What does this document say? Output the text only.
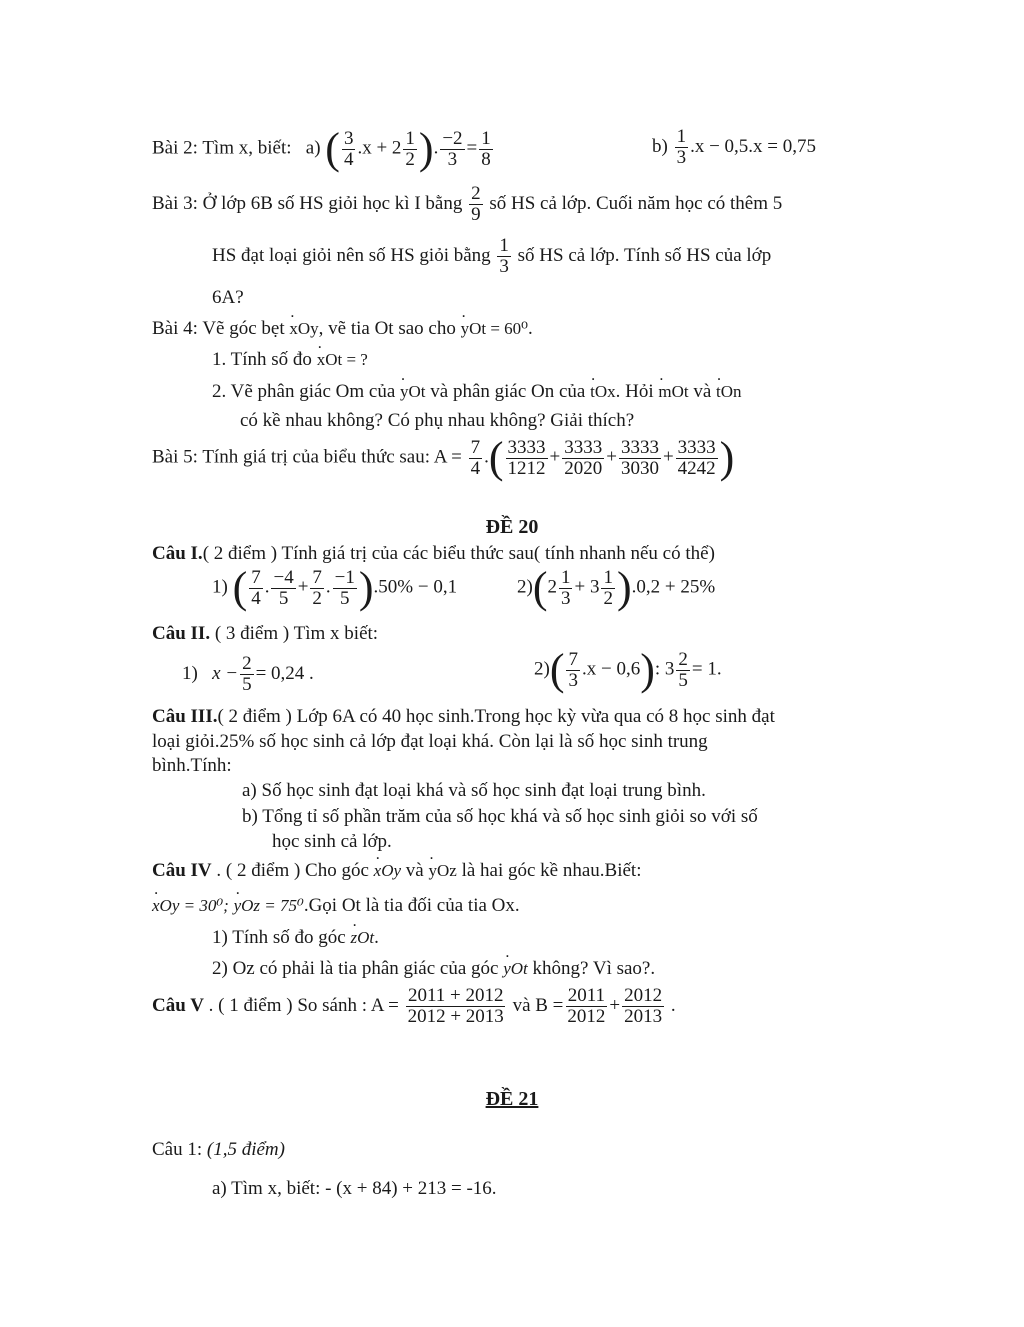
Bài 2: Tìm x, biết: a) ( $\frac{3}{4} .x + 2 \frac{1}{2}$ ). $\frac{-2}{3} = \frac{1}{8}$	$b) \frac{1}{3} .x - 0,5.x = 0,75$
Bài 3: Ở lớp 6B số HS giỏi học kì I bằng $\frac{2}{9}$ số HS cả lớp. Cuối năm học có thêm 5
HS đạt loại giỏi nên số HS giỏi bằng $\frac{1}{3}$ số HS cả lớp. Tính số HS của lớp
6A?
Bài 4: Vẽ góc bẹt ˙ xOy, vẽ tia Ot sao cho ˙ yOt = 60⁰.
1. Tính số đo ˙ xOt = ?
2. Vẽ phân giác Om của ˙ yOt và phân giác On của ˙ tOx. Hỏi ˙ mOt và ˙ tOn
có kề nhau không? Có phụ nhau không? Giải thích?
Bài 5: Tính giá trị của biểu thức sau: $A = \frac{7}{4}$ .( $\frac{3333}{1212} + \frac{3333}{2020} + \frac{3333}{3030} + \frac{3333}{4242}$ )
ĐỀ 20
Câu I.( 2 điểm ) Tính giá trị của các biểu thức sau( tính nhanh nếu có thể)
1) ( $\frac{7}{4}$ . $\frac{-4}{5} + \frac{7}{2}$ . $\frac{-1}{5} ).50\% - 0,1$	$2)(2 \frac{1}{3} + 3 \frac{1}{2} ).0,2 + 25\%$
Câu II. ( 3 điểm ) Tìm x biết:
1) $x - \frac{2}{5} = 0,24$ .	$2)( \frac{7}{3} .x - 0,6)$: $3 \frac{2}{5} = 1$.
Câu III.( 2 điểm ) Lớp 6A có 40 học sinh.Trong học kỳ vừa qua có 8 học sinh đạt
loại giỏi.25% số học sinh cả lớp đạt loại khá. Còn lại là số học sinh trung
bình.Tính:
a) Số học sinh đạt loại khá và số học sinh đạt loại trung bình.
b) Tổng tỉ số phần trăm của số học khá và số học sinh giỏi so với số
học sinh cả lớp.
Câu IV . ( 2 điểm ) Cho góc ˙ xOy và ˙ yOz là hai góc kề nhau.Biết:
˙ xOy = 30⁰; ˙ yOz = 75⁰.Gọi Ot là tia đối của tia Ox.
1) Tính số đo góc ˙ zOt.
2) Oz có phải là tia phân giác của góc ˙ yOt không? Vì sao?.
Câu V . ( 1 điểm ) So sánh : $A = \frac{2011 + 2012}{2012 + 2013}$ và $B = \frac{2011}{2012} + \frac{2012}{2013}$ .
ĐỀ 21
Câu 1: (1,5 điểm)
a) Tìm x, biết: - (x + 84) + 213 = -16.
